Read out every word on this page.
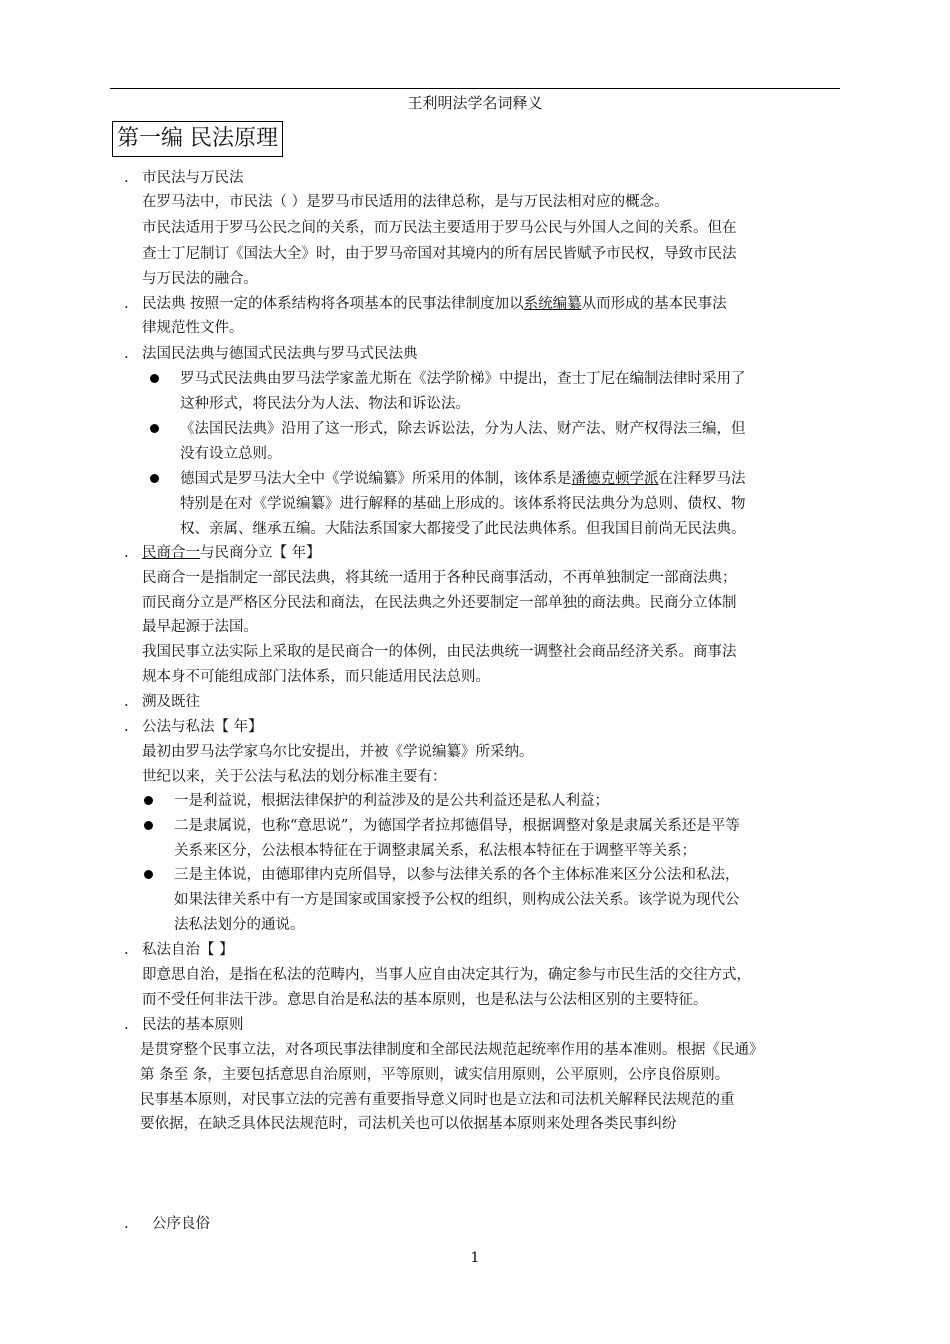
王利明法学名词释义
第一编 民法原理
. 市民法与万民法
在罗马法中，市民法（ ）是罗马市民适用的法律总称，是与万民法相对应的概念。
市民法适用于罗马公民之间的关系，而万民法主要适用于罗马公民与外国人之间的关系。但在
查士丁尼制订《国法大全》时，由于罗马帝国对其境内的所有居民皆赋予市民权，导致市民法
与万民法的融合。
. 民法典 按照一定的体系结构将各项基本的民事法律制度加以系统编纂从而形成的基本民事法
律规范性文件。
. 法国民法典与德国式民法典与罗马式民法典
罗马式民法典由罗马法学家盖尤斯在《法学阶梯》中提出，查士丁尼在编制法律时采用了
这种形式，将民法分为人法、物法和诉讼法。
《法国民法典》沿用了这一形式，除去诉讼法，分为人法、财产法、财产权得法三编，但
没有设立总则。
德国式是罗马法大全中《学说编纂》所采用的体制，该体系是潘德克顿学派在注释罗马法
特别是在对《学说编纂》进行解释的基础上形成的。该体系将民法典分为总则、债权、物
权、亲属、继承五编。大陆法系国家大都接受了此民法典体系。但我国目前尚无民法典。
. 民商合一与民商分立【 年】
民商合一是指制定一部民法典，将其统一适用于各种民商事活动，不再单独制定一部商法典；
而民商分立是严格区分民法和商法，在民法典之外还要制定一部单独的商法典。民商分立体制
最早起源于法国。
我国民事立法实际上采取的是民商合一的体例，由民法典统一调整社会商品经济关系。商事法
规本身不可能组成部门法体系，而只能适用民法总则。
. 溯及既往
. 公法与私法【 年】
最初由罗马法学家乌尔比安提出，并被《学说编纂》所采纳。
世纪以来，关于公法与私法的划分标准主要有：
一是利益说，根据法律保护的利益涉及的是公共利益还是私人利益；
二是隶属说，也称“意思说”，为德国学者拉邦德倡导，根据调整对象是隶属关系还是平等
关系来区分，公法根本特征在于调整隶属关系，私法根本特征在于调整平等关系；
三是主体说，由德耶律内克所倡导，以参与法律关系的各个主体标准来区分公法和私法，
如果法律关系中有一方是国家或国家授予公权的组织，则构成公法关系。该学说为现代公
法私法划分的通说。
. 私法自治【 】
即意思自治，是指在私法的范畴内，当事人应自由决定其行为，确定参与市民生活的交往方式，
而不受任何非法干涉。意思自治是私法的基本原则，也是私法与公法相区别的主要特征。
. 民法的基本原则
是贯穿整个民事立法，对各项民事法律制度和全部民法规范起统率作用的基本准则。根据《民通》
第 条至 条，主要包括意思自治原则，平等原则，诚实信用原则，公平原则，公序良俗原则。
民事基本原则，对民事立法的完善有重要指导意义同时也是立法和司法机关解释民法规范的重
要依据，在缺乏具体民法规范时，司法机关也可以依据基本原则来处理各类民事纠纷
. 公序良俗
1
